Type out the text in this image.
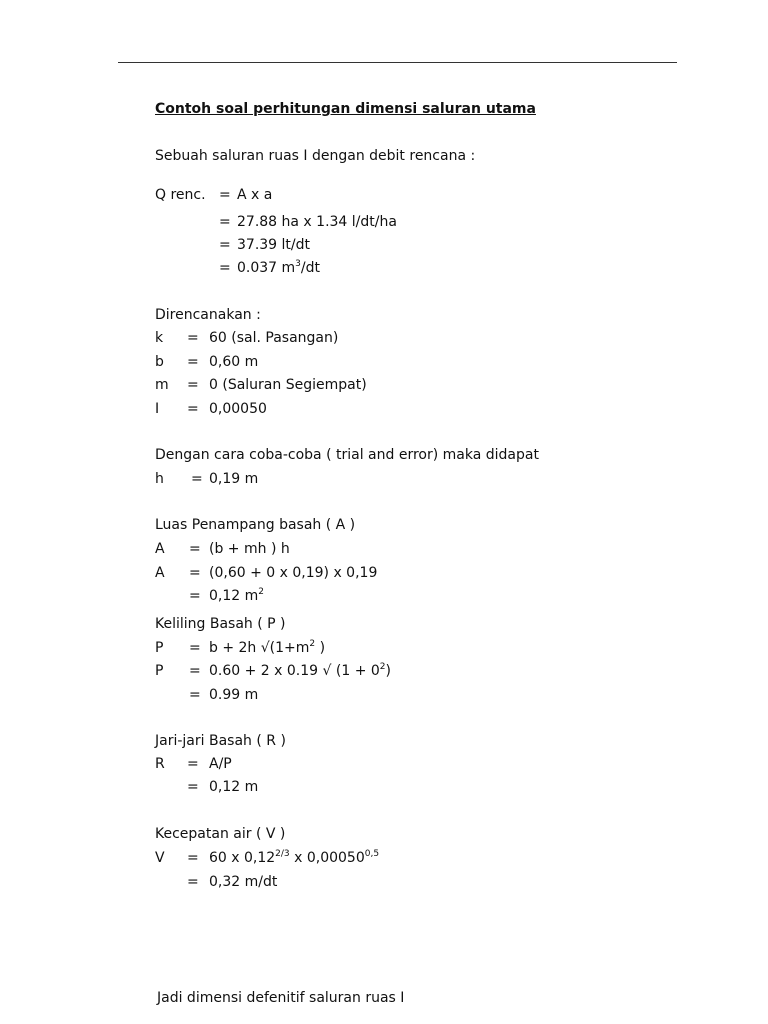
Contoh soal perhitungan dimensi saluran utama
Sebuah saluran ruas I dengan debit rencana :
Q renc. = A x a
= 27.88 ha x 1.34 l/dt/ha
= 37.39 lt/dt
= 0.037 $m^3/dt$
Direncanakan :
k = 60 (sal. Pasangan)
b = 0,60 m
m = 0 (Saluran Segiempat)
I = 0,00050
Dengan cara coba-coba ( trial and error) maka didapat
h = 0,19 m
Luas Penampang basah ( A )
A = (b + mh ) h
A = (0,60 + 0 x 0,19) x 0,19
= 0,12 $m^2$
Keliling Basah ( P )
P = b + 2h $√(1+m^2$ )
P = 0.60 + 2 x 0.19 √ $(1 + 0^2)$
= 0.99 m
Jari-jari Basah ( R )
R = A/P
= 0,12 m
Kecepatan air ( V )
V = 60 x $0,12^{2/3}$ x $0,00050^{0,5}$
= 0,32 m/dt
Jadi dimensi defenitif saluran ruas I
